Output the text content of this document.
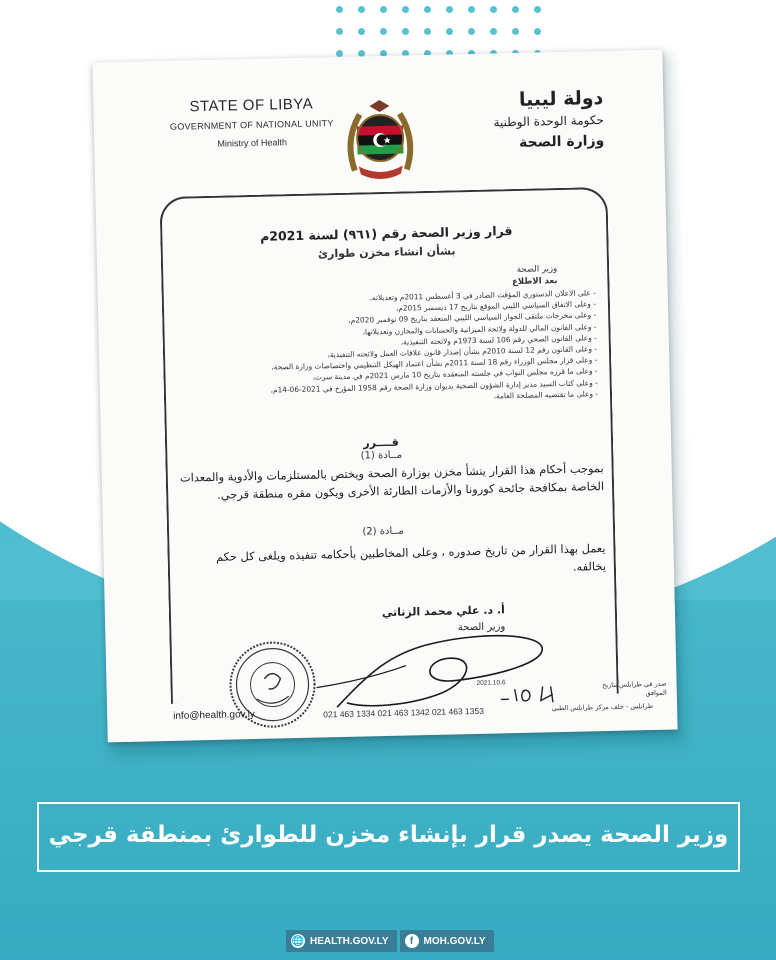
STATE OF LIBYA
GOVERNMENT OF NATIONAL UNITY
Ministry of Health
دولة ليبيا
حكومة الوحدة الوطنية
وزارة الصحة
قرار وزير الصحة رقم (٩٦١) لسنة 2021م
بشأن انشاء مخزن طوارئ
وزير الصحة
بعد الاطلاع
- على الاعلان الدستوري المؤقت الصادر في 3 أغسطس 2011م وتعديلاته،
- وعلى الاتفاق السياسي الليبي الموقع بتاريخ 17 ديسمبر 2015م،
- وعلى مخرجات ملتقى الحوار السياسي الليبي المنعقد بتاريخ 09 نوفمبر 2020م،
- وعلى القانون المالي للدولة ولائحة الميزانية والحسابات والمخازن وتعديلاتها،
- وعلى القانون الصحي رقم 106 لسنة 1973م ولائحته التنفيذية،
- وعلى القانون رقم 12 لسنة 2010م بشأن إصدار قانون علاقات العمل ولائحته التنفيذية،
- وعلى قرار مجلس الوزراء رقم 18 لسنة 2011م بشأن اعتماد الهيكل التنظيمي واختصاصات وزارة الصحة،
- وعلى ما قرره مجلس النواب في جلسته المنعقدة بتاريخ 10 مارس 2021م في مدينة سرت،
- وعلى كتاب السيد مدير إدارة الشؤون الصحية بديوان وزارة الصحة رقم 1958 المؤرخ في 2021-06-14م،
- وعلى ما تقتضيه المصلحة العامة،
قــــرر
مــادة (1)
بموجب أحكام هذا القرار ينشأ مخزن بوزارة الصحة ويختص بالمستلزمات والأدوية والمعدات الخاصة بمكافحة جائحة كورونا والأزمات الطارئة الأخرى ويكون مقره منطقة قرجي.
مــادة (2)
يعمل بهذا القرار من تاريخ صدوره ، وعلى المخاطبين بأحكامه تنفيذه ويلغى كل حكم يخالفه.
أ. د. علي محمد الزناتي
وزير الصحة
صدر في طرابلس بتاريخ
الموافق
2021.10.6
info@health.gov.ly	021 463 1334 021 463 1342 021 463 1353	طرابلس - خلف مركز طرابلس الطبي
وزير الصحة يصدر قرار بإنشاء مخزن للطوارئ بمنطقة قرجي
🌐 HEALTH.GOV.LY	f	MOH.GOV.LY
